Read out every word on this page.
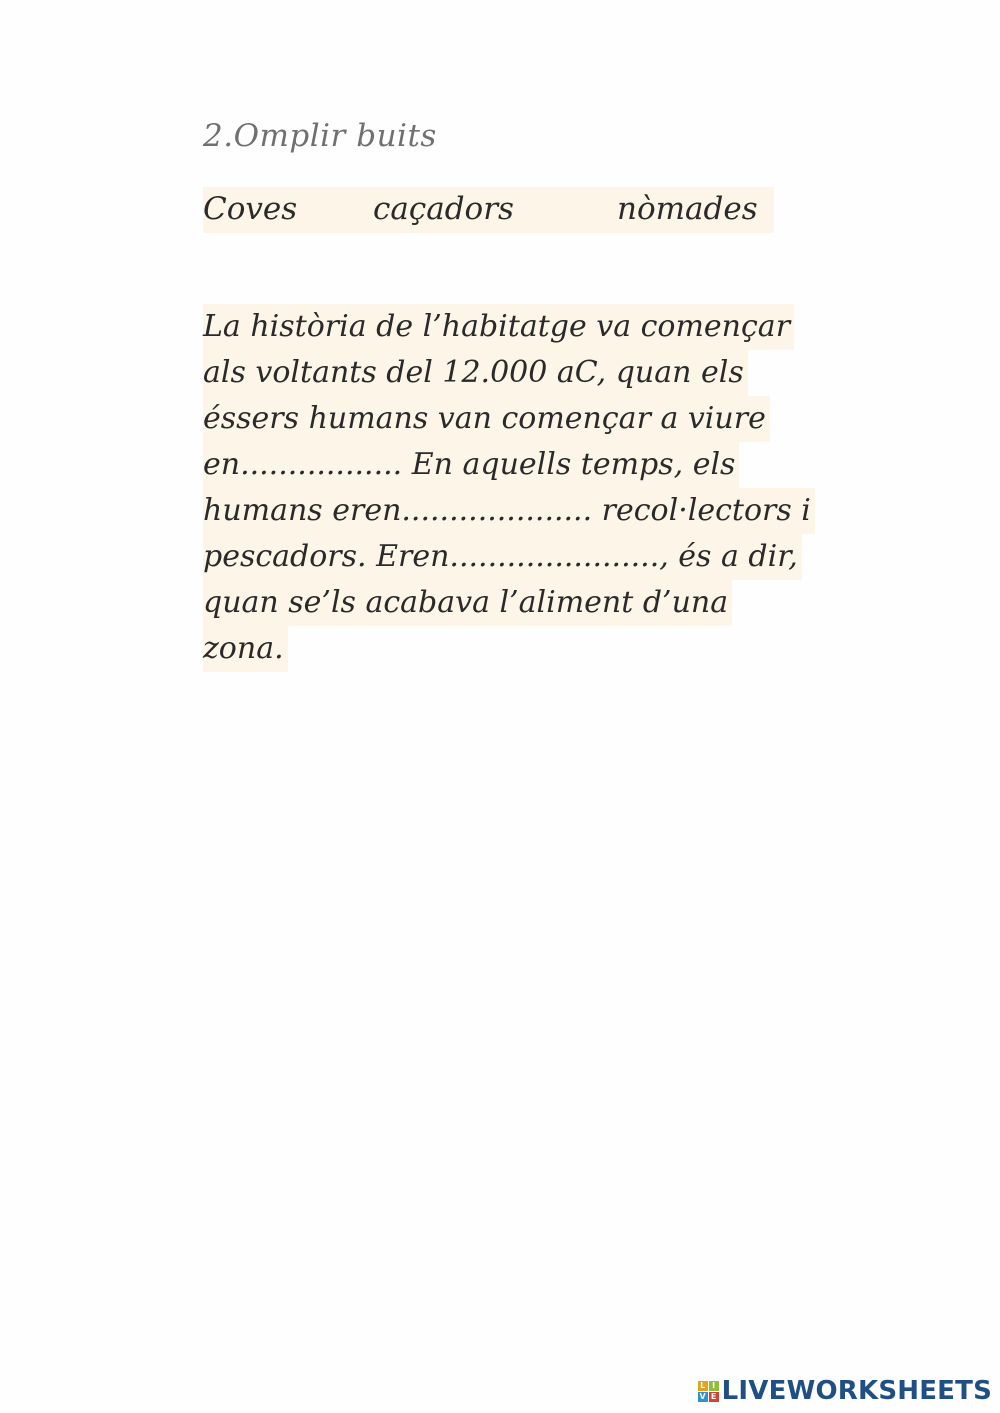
2.Omplir buits
Coves caçadors	nòmades
La història de l’habitatge va començar
als voltants del 12.000 aC, quan els
éssers humans van començar a viure
en................. En aquells temps, els
humans eren.................... recol·lectors i
pescadors. Eren......................, és a dir,
quan se’ls acabava l’aliment d’una
zona.
L I
V E LIVEWORKSHEETS
